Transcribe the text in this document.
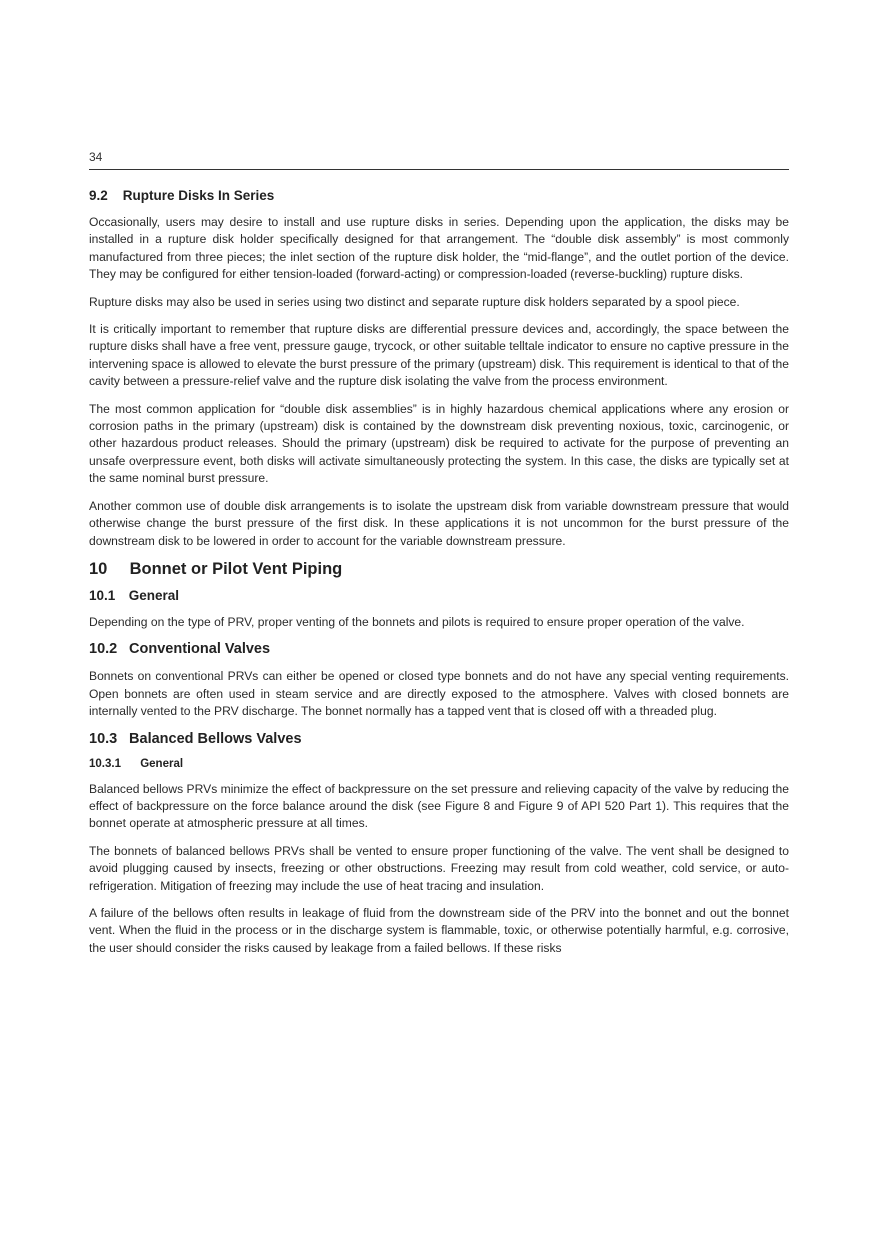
34
9.2 Rupture Disks In Series

Occasionally, users may desire to install and use rupture disks in series. Depending upon the application, the disks may be installed in a rupture disk holder specifically designed for that arrangement. The “double disk assembly” is most commonly manufactured from three pieces; the inlet section of the rupture disk holder, the “mid-flange”, and the outlet portion of the device. They may be configured for either tension-loaded (forward-acting) or compression-loaded (reverse-buckling) rupture disks.

Rupture disks may also be used in series using two distinct and separate rupture disk holders separated by a spool piece.

It is critically important to remember that rupture disks are differential pressure devices and, accordingly, the space between the rupture disks shall have a free vent, pressure gauge, trycock, or other suitable telltale indicator to ensure no captive pressure in the intervening space is allowed to elevate the burst pressure of the primary (upstream) disk. This requirement is identical to that of the cavity between a pressure-relief valve and the rupture disk isolating the valve from the process environment.

The most common application for “double disk assemblies” is in highly hazardous chemical applications where any erosion or corrosion paths in the primary (upstream) disk is contained by the downstream disk preventing noxious, toxic, carcinogenic, or other hazardous product releases. Should the primary (upstream) disk be required to activate for the purpose of preventing an unsafe overpressure event, both disks will activate simultaneously protecting the system. In this case, the disks are typically set at the same nominal burst pressure.

Another common use of double disk arrangements is to isolate the upstream disk from variable downstream pressure that would otherwise change the burst pressure of the first disk. In these applications it is not uncommon for the burst pressure of the downstream disk to be lowered in order to account for the variable downstream pressure.

10 Bonnet or Pilot Vent Piping
10.1 General

Depending on the type of PRV, proper venting of the bonnets and pilots is required to ensure proper operation of the valve.

10.2 Conventional Valves

Bonnets on conventional PRVs can either be opened or closed type bonnets and do not have any special venting requirements. Open bonnets are often used in steam service and are directly exposed to the atmosphere. Valves with closed bonnets are internally vented to the PRV discharge. The bonnet normally has a tapped vent that is closed off with a threaded plug.

10.3 Balanced Bellows Valves
10.3.1 General

Balanced bellows PRVs minimize the effect of backpressure on the set pressure and relieving capacity of the valve by reducing the effect of backpressure on the force balance around the disk (see Figure 8 and Figure 9 of API 520 Part 1). This requires that the bonnet operate at atmospheric pressure at all times.

The bonnets of balanced bellows PRVs shall be vented to ensure proper functioning of the valve. The vent shall be designed to avoid plugging caused by insects, freezing or other obstructions. Freezing may result from cold weather, cold service, or auto-refrigeration. Mitigation of freezing may include the use of heat tracing and insulation.

A failure of the bellows often results in leakage of fluid from the downstream side of the PRV into the bonnet and out the bonnet vent. When the fluid in the process or in the discharge system is flammable, toxic, or otherwise potentially harmful, e.g. corrosive, the user should consider the risks caused by leakage from a failed bellows. If these risks
